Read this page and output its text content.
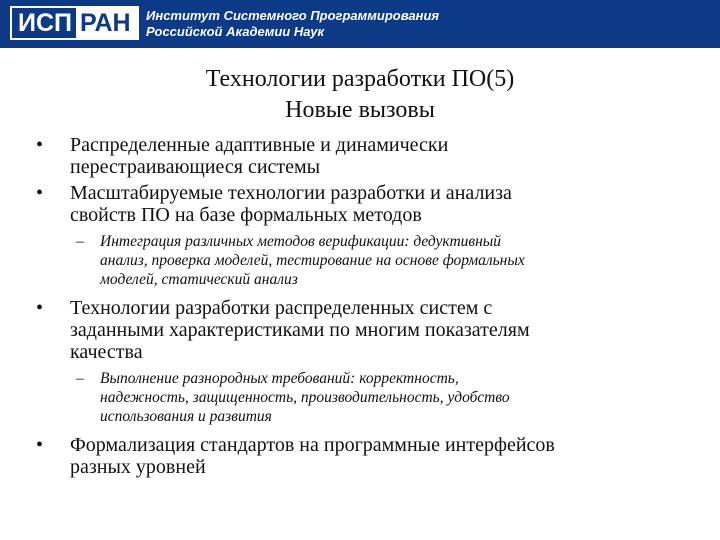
ИСП РАН	Институт Системного Программирования
Российской Академии Наук
Технологии разработки ПО(5)
Новые вызовы
• Распределенные адаптивные и динамически
перестраивающиеся системы
• Масштабируемые технологии разработки и анализа
свойств ПО на базе формальных методов
– Интеграция различных методов верификации: дедуктивный
анализ, проверка моделей, тестирование на основе формальных
моделей, статический анализ
• Технологии разработки распределенных систем с
заданными характеристиками по многим показателям
качества
– Выполнение разнородных требований: корректность,
надежность, защищенность, производительность, удобство
использования и развития
• Формализация стандартов на программные интерфейсов
разных уровней
